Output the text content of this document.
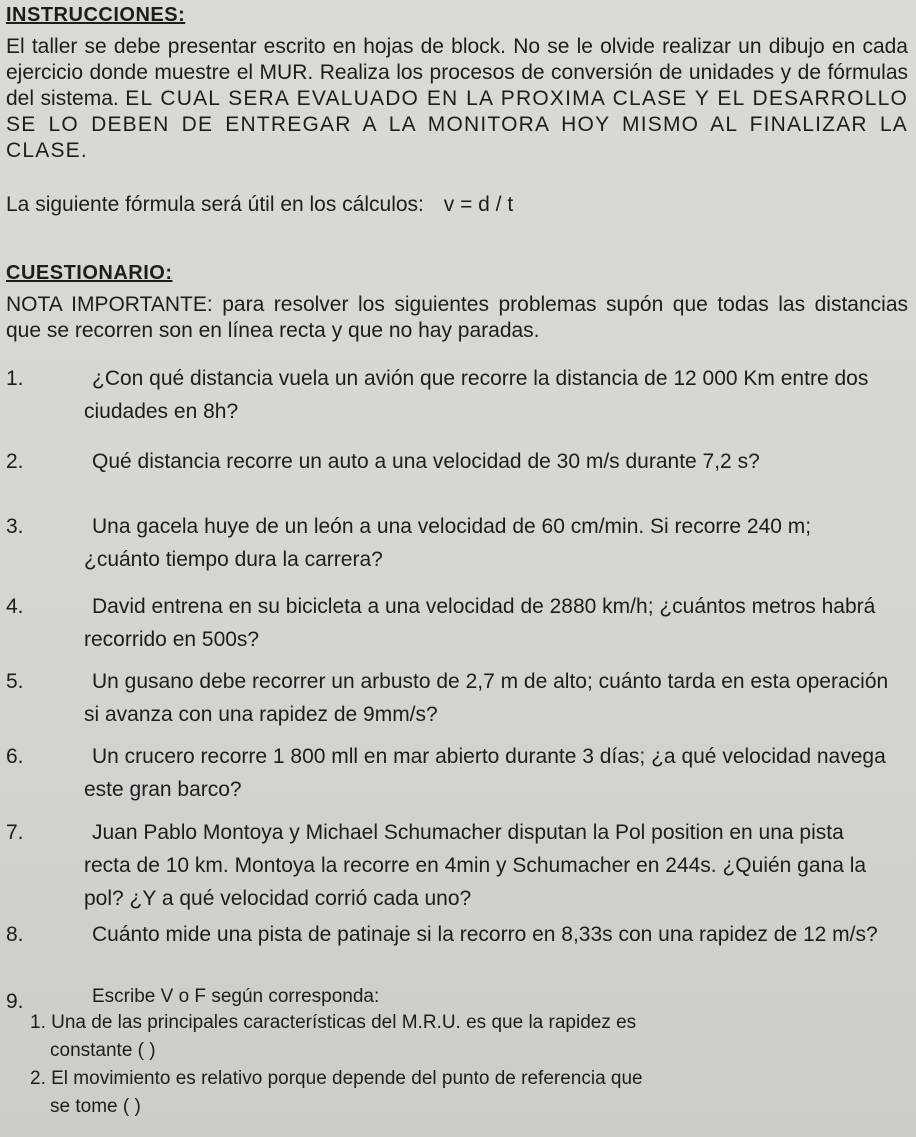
INSTRUCCIONES:
El taller se debe presentar escrito en hojas de block. No se le olvide realizar un dibujo en cada ejercicio donde muestre el MUR. Realiza los procesos de conversión de unidades y de fórmulas del sistema. EL CUAL SERA EVALUADO EN LA PROXIMA CLASE Y EL DESARROLLO SE LO DEBEN DE ENTREGAR A LA MONITORA HOY MISMO AL FINALIZAR LA CLASE.
La siguiente fórmula será útil en los cálculos: v = d / t
CUESTIONARIO:
NOTA IMPORTANTE: para resolver los siguientes problemas supón que todas las distancias que se recorren son en línea recta y que no hay paradas.
1.	¿Con qué distancia vuela un avión que recorre la distancia de 12 000 Km entre dos
ciudades en 8h?
2.	Qué distancia recorre un auto a una velocidad de 30 m/s durante 7,2 s?
3.	Una gacela huye de un león a una velocidad de 60 cm/min. Si recorre 240 m;
¿cuánto tiempo dura la carrera?
4.	David entrena en su bicicleta a una velocidad de 2880 km/h; ¿cuántos metros habrá
recorrido en 500s?
5.	Un gusano debe recorrer un arbusto de 2,7 m de alto; cuánto tarda en esta operación
si avanza con una rapidez de 9mm/s?
6.	Un crucero recorre 1 800 mll en mar abierto durante 3 días; ¿a qué velocidad navega
este gran barco?
7.	Juan Pablo Montoya y Michael Schumacher disputan la Pol position en una pista
recta de 10 km. Montoya la recorre en 4min y Schumacher en 244s. ¿Quién gana la
pol? ¿Y a qué velocidad corrió cada uno?
8.	Cuánto mide una pista de patinaje si la recorro en 8,33s con una rapidez de 12 m/s?
9.	Escribe V o F según corresponda:
1. Una de las principales características del M.R.U. es que la rapidez es
constante ( )
2. El movimiento es relativo porque depende del punto de referencia que
se tome ( )
